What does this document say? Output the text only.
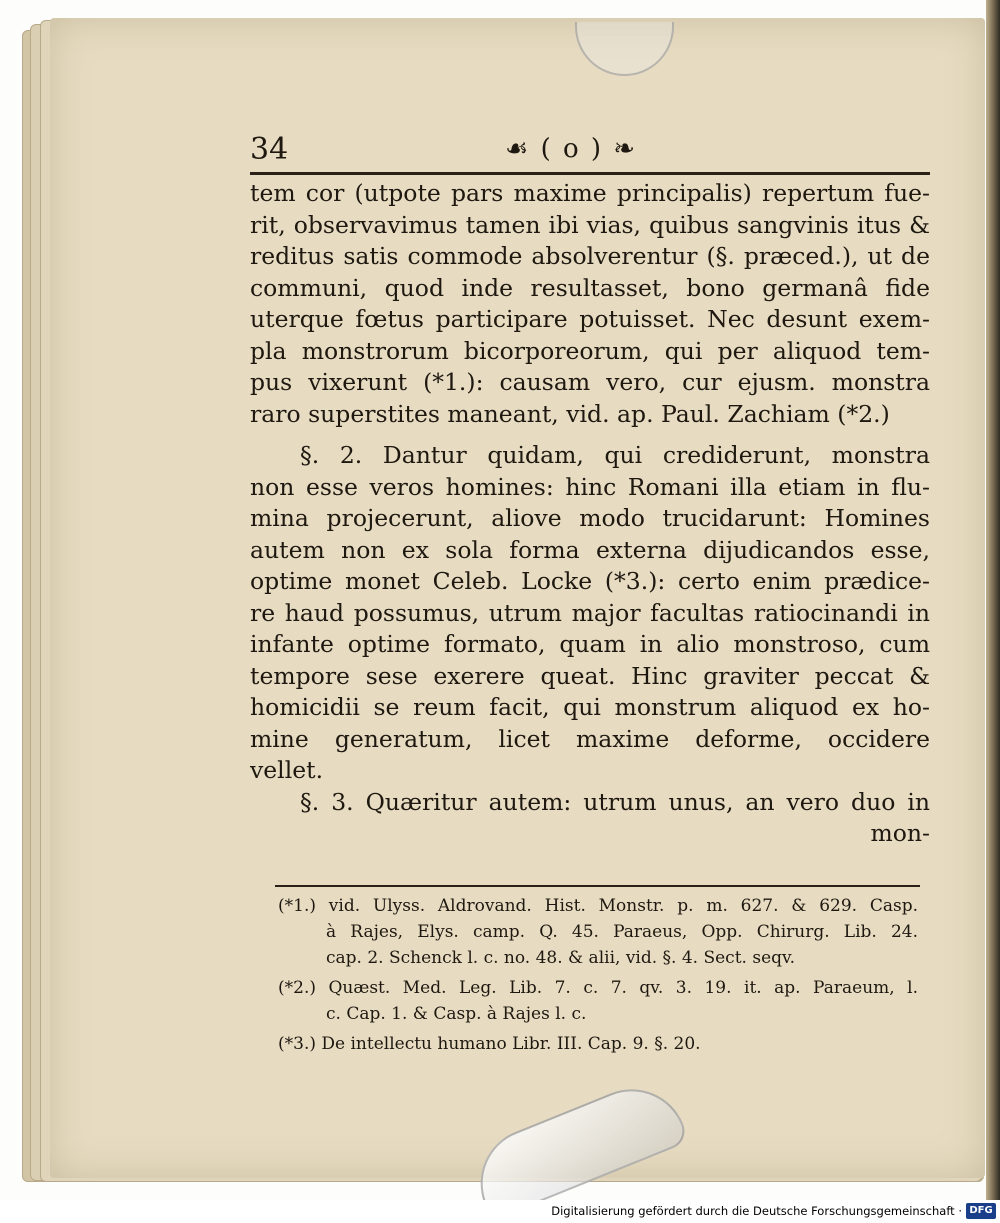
34	☙ ( o ) ❧
tem cor (utpote pars maxime principalis) repertum fue-
rit, observavimus tamen ibi vias, quibus sangvinis itus &
reditus satis commode absolverentur (§. præced.), ut de
communi, quod inde resultasset, bono germanâ fide
uterque fœtus participare potuisset. Nec desunt exem-
pla monstrorum bicorporeorum, qui per aliquod tem-
pus vixerunt (*1.): causam vero, cur ejusm. monstra
raro superstites maneant, vid. ap. Paul. Zachiam (*2.)
§. 2. Dantur quidam, qui crediderunt, monstra
non esse veros homines: hinc Romani illa etiam in flu-
mina projecerunt, aliove modo trucidarunt: Homines
autem non ex sola forma externa dijudicandos esse,
optime monet Celeb. Locke (*3.): certo enim prædice-
re haud possumus, utrum major facultas ratiocinandi in
infante optime formato, quam in alio monstroso, cum
tempore sese exerere queat. Hinc graviter peccat &
homicidii se reum facit, qui monstrum aliquod ex ho-
mine generatum, licet maxime deforme, occidere
vellet.
§. 3. Quæritur autem: utrum unus, an vero duo in
mon-
(*1.) vid. Ulyss. Aldrovand. Hist. Monstr. p. m. 627. & 629. Casp.
à Rajes, Elys. camp. Q. 45. Paraeus, Opp. Chirurg. Lib. 24.
cap. 2. Schenck l. c. no. 48. & alii, vid. §. 4. Sect. seqv.
(*2.) Quæst. Med. Leg. Lib. 7. c. 7. qv. 3. 19. it. ap. Paraeum, l.
c. Cap. 1. & Casp. à Rajes l. c.
(*3.) De intellectu humano Libr. III. Cap. 9. §. 20.
Digitalisierung gefördert durch die Deutsche Forschungsgemeinschaft · DFG
